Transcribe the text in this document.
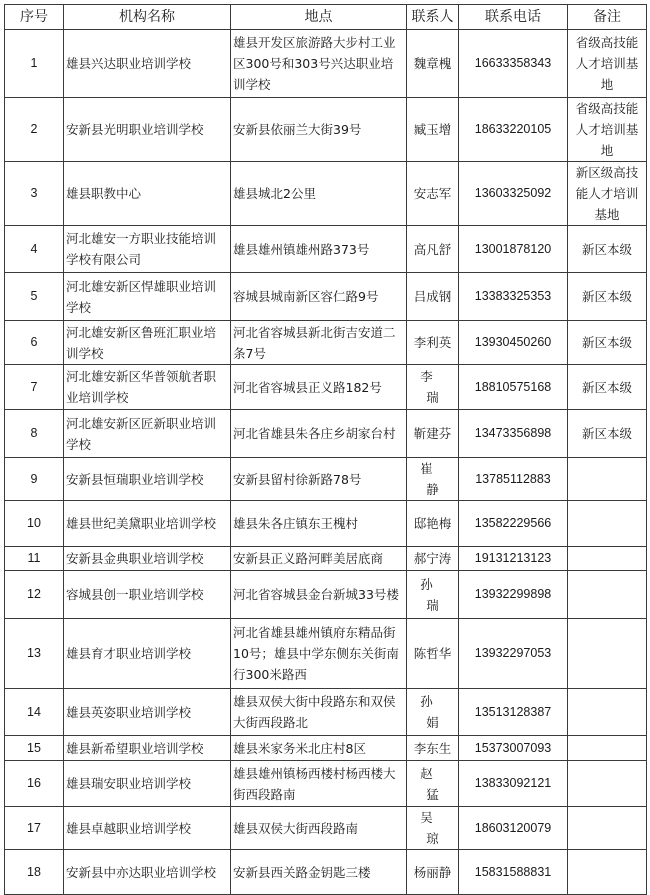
序号	机构名称	地点	联系人	联系电话	备注
1	雄县兴达职业培训学校	雄县开发区旅游路大步村工业区300号和303号兴达职业培训学校	魏章槐	16633358343	省级高技能人才培训基地
2	安新县光明职业培训学校	安新县依丽兰大街39号	臧玉增	18633220105	省级高技能人才培训基地
3	雄县职教中心	雄县城北2公里	安志军	13603325092	新区级高技能人才培训基地
4	河北雄安一方职业技能培训学校有限公司	雄县雄州镇雄州路373号	高凡舒	13001878120	新区本级
5	河北雄安新区悍雄职业培训学校	容城县城南新区容仁路9号	吕成钢	13383325353	新区本级
6	河北雄安新区鲁班汇职业培训学校	河北省容城县新北街吉安道二条7号	李利英	13930450260	新区本级
7	河北雄安新区华普领航者职业培训学校	河北省容城县正义路182号	李瑞	18810575168	新区本级
8	河北雄安新区匠新职业培训学校	河北省雄县朱各庄乡胡家台村	靳建芬	13473356898	新区本级
9	安新县恒瑞职业培训学校	安新县留村徐新路78号	崔静	13785112883	
10	雄县世纪美黛职业培训学校	雄县朱各庄镇东王槐村	邸艳梅	13582229566	
11	安新县金典职业培训学校	安新县正义路河畔美居底商	郝宁涛	19131213123	
12	容城县创一职业培训学校	河北省容城县金台新城33号楼	孙瑞	13932299898	
13	雄县育才职业培训学校	河北省雄县雄州镇府东精品街10号；雄县中学东侧东关街南行300米路西	陈哲华	13932297053	
14	雄县英姿职业培训学校	雄县双侯大街中段路东和双侯大街西段路北	孙娟	13513128387	
15	雄县新希望职业培训学校	雄县米家务米北庄村8区	李东生	15373007093	
16	雄县瑞安职业培训学校	雄县雄州镇杨西楼村杨西楼大街西段路南	赵猛	13833092121	
17	雄县卓越职业培训学校	雄县双侯大街西段路南	吴琼	18603120079	
18	安新县中亦达职业培训学校	安新县西关路金钥匙三楼	杨丽静	15831588831	
